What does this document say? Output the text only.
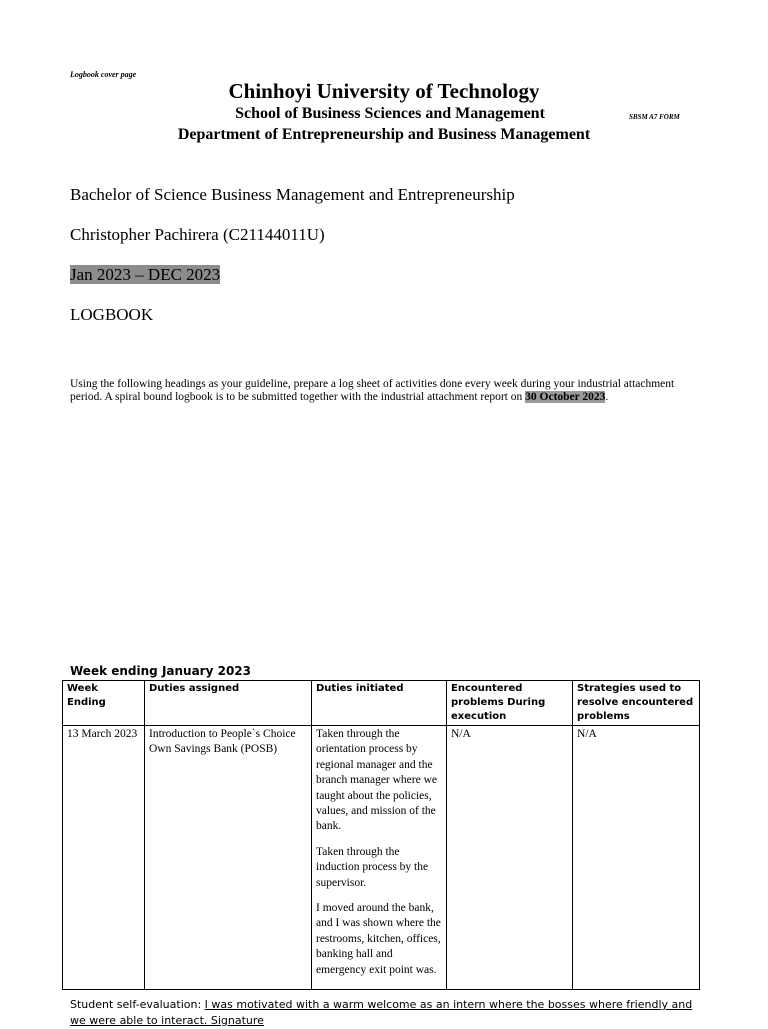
Logbook cover page
Chinhoyi University of Technology
School of Business Sciences and Management	SBSM A7 FORM
Department of Entrepreneurship and Business Management
Bachelor of Science Business Management and Entrepreneurship
Christopher Pachirera (C21144011U)
Jan 2023 – DEC 2023
LOGBOOK
Using the following headings as your guideline, prepare a log sheet of activities done every week during your industrial attachment period. A spiral bound logbook is to be submitted together with the industrial attachment report on 30 October 2023.
Week ending January 2023
Week Ending	Duties assigned	Duties initiated	Encountered problems During execution	Strategies used to resolve encountered problems
13 March 2023	Introduction to People`s Choice Own Savings Bank (POSB)	Taken through the orientation process by regional manager and the branch manager where we taught about the policies, values, and mission of the bank.

Taken through the induction process by the supervisor.

I moved around the bank, and I was shown where the restrooms, kitchen, offices, banking hall and emergency exit point was.	N/A	N/A
Student self-evaluation: I was motivated with a warm welcome as an intern where the bosses where friendly and we were able to interact. Signature
